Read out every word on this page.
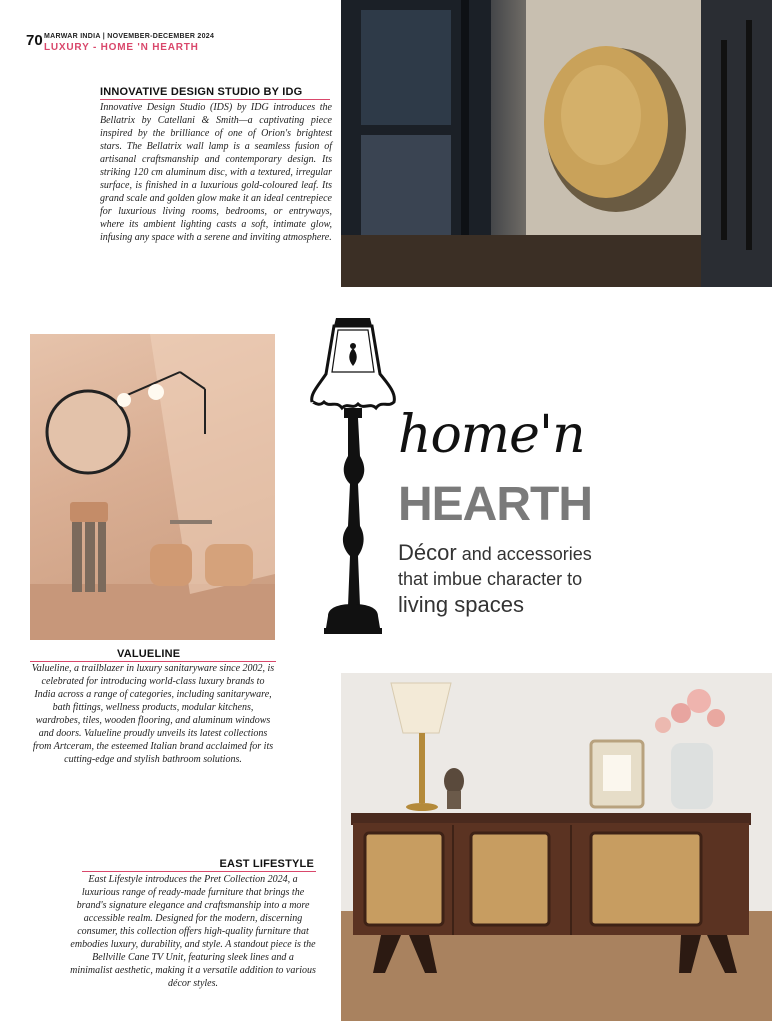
70 MARWAR INDIA | NOVEMBER-DECEMBER 2024
LUXURY - HOME 'N HEARTH
INNOVATIVE DESIGN STUDIO BY IDG
Innovative Design Studio (IDS) by IDG introduces the Bellatrix by Catellani & Smith—a captivating piece inspired by the brilliance of one of Orion's brightest stars. The Bellatrix wall lamp is a seamless fusion of artisanal craftsmanship and contemporary design. Its striking 120 cm aluminum disc, with a textured, irregular surface, is finished in a luxurious gold-coloured leaf. Its grand scale and golden glow make it an ideal centrepiece for luxurious living rooms, bedrooms, or entryways, where its ambient lighting casts a soft, intimate glow, infusing any space with a serene and inviting atmosphere.
VALUELINE
Valueline, a trailblazer in luxury sanitaryware since 2002, is celebrated for introducing world-class luxury brands to India across a range of categories, including sanitaryware, bath fittings, wellness products, modular kitchens, wardrobes, tiles, wooden flooring, and aluminum windows and doors. Valueline proudly unveils its latest collections from Artceram, the esteemed Italian brand acclaimed for its cutting-edge and stylish bathroom solutions.
home'n
HEARTH
Décor and accessories
that imbue character to
living spaces
EAST LIFESTYLE
East Lifestyle introduces the Pret Collection 2024, a luxurious range of ready-made furniture that brings the brand's signature elegance and craftsmanship into a more accessible realm. Designed for the modern, discerning consumer, this collection offers high-quality furniture that embodies luxury, durability, and style. A standout piece is the Bellville Cane TV Unit, featuring sleek lines and a minimalist aesthetic, making it a versatile addition to various décor styles.
